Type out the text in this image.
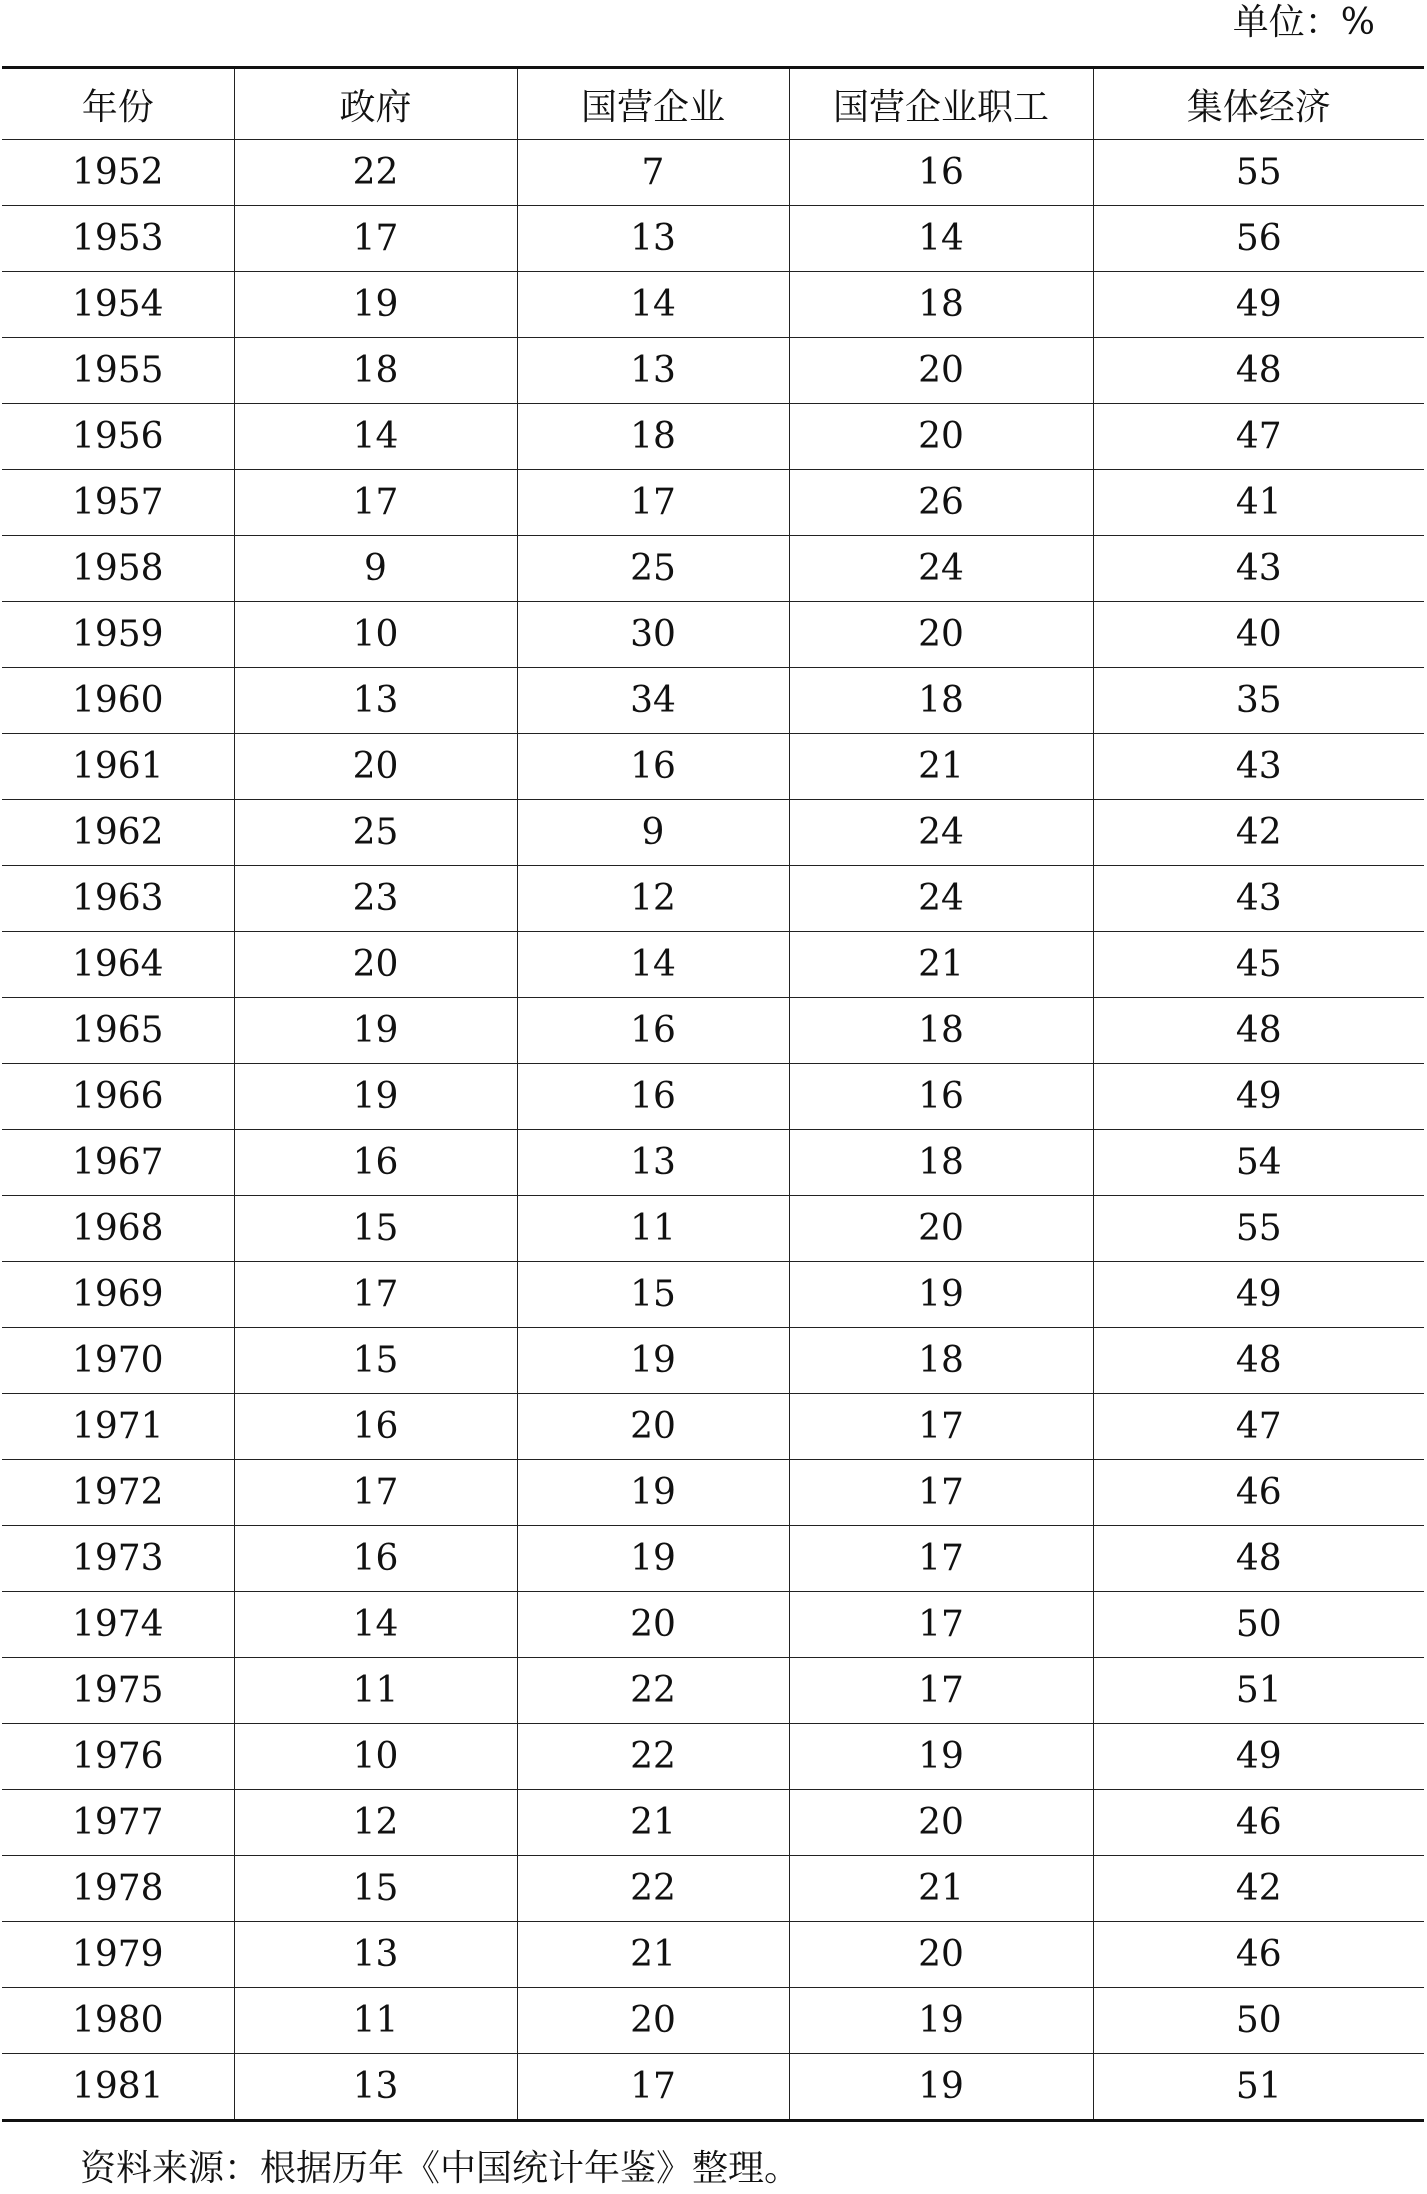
单位：%
年份	政府	国营企业	国营企业职工	集体经济
1952	22	7	16	55
1953	17	13	14	56
1954	19	14	18	49
1955	18	13	20	48
1956	14	18	20	47
1957	17	17	26	41
1958	9	25	24	43
1959	10	30	20	40
1960	13	34	18	35
1961	20	16	21	43
1962	25	9	24	42
1963	23	12	24	43
1964	20	14	21	45
1965	19	16	18	48
1966	19	16	16	49
1967	16	13	18	54
1968	15	11	20	55
1969	17	15	19	49
1970	15	19	18	48
1971	16	20	17	47
1972	17	19	17	46
1973	16	19	17	48
1974	14	20	17	50
1975	11	22	17	51
1976	10	22	19	49
1977	12	21	20	46
1978	15	22	21	42
1979	13	21	20	46
1980	11	20	19	50
1981	13	17	19	51
资料来源：根据历年《中国统计年鉴》整理。
